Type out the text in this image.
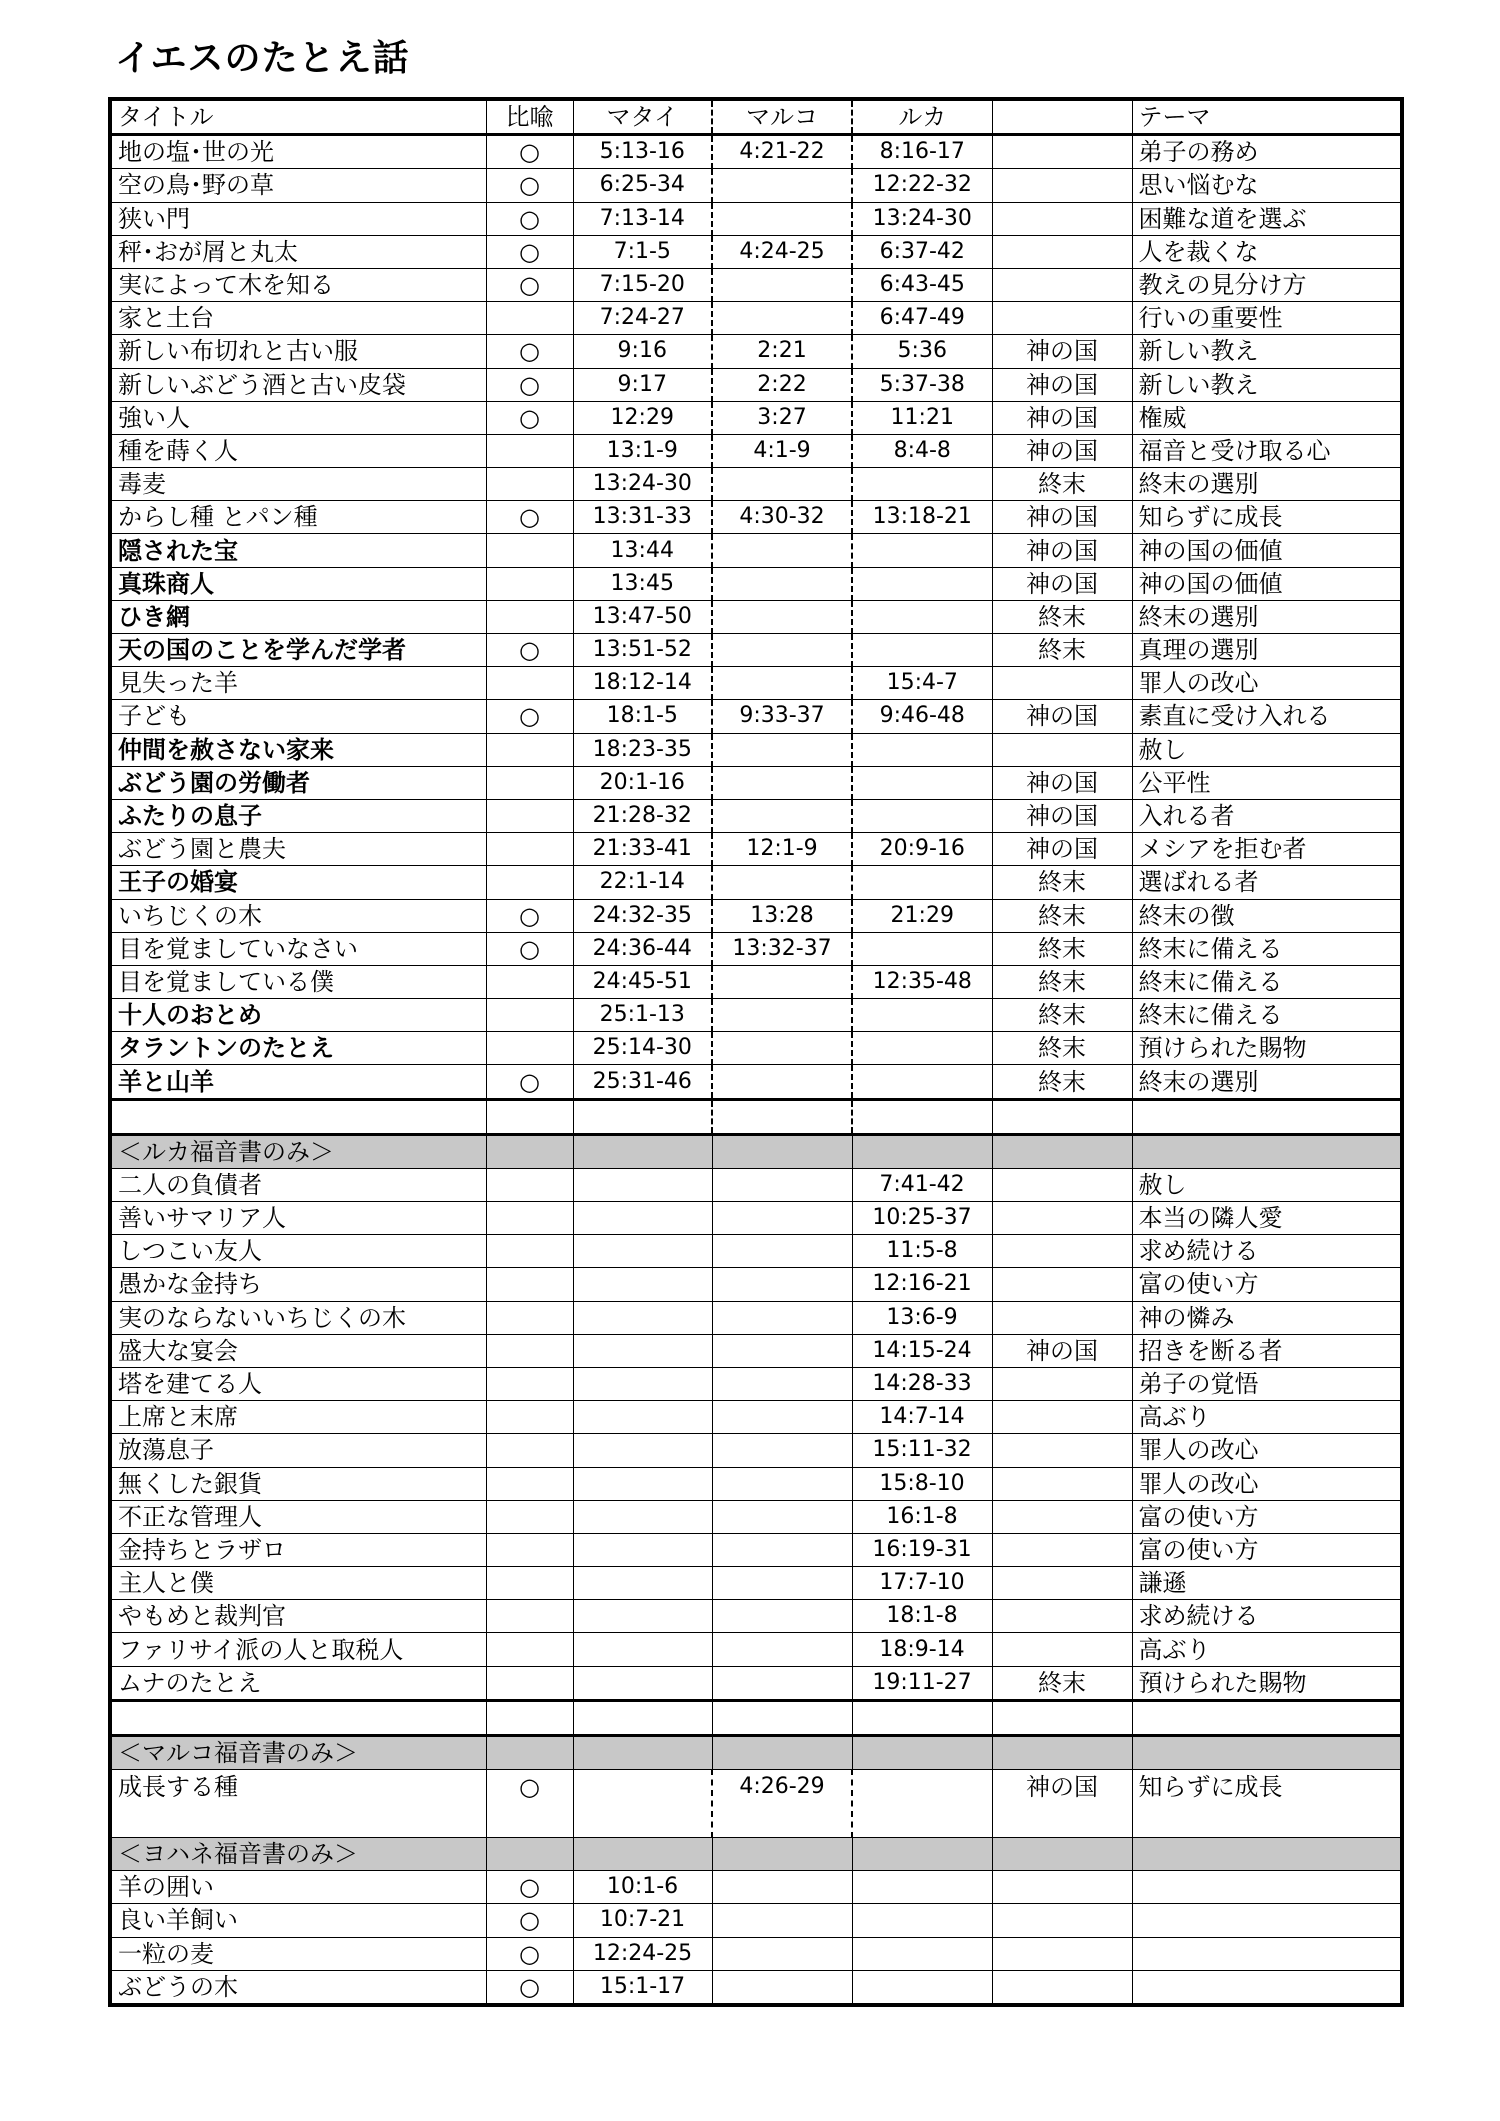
イエスのたとえ話
タイトル	比喩	マタイ	マルコ	ルカ		テーマ
地の塩･世の光	○	5:13-16	4:21-22	8:16-17		弟子の務め
空の鳥･野の草	○	6:25-34		12:22-32		思い悩むな
狭い門	○	7:13-14		13:24-30		困難な道を選ぶ
秤･おが屑と丸太	○	7:1-5	4:24-25	6:37-42		人を裁くな
実によって木を知る	○	7:15-20		6:43-45		教えの見分け方
家と土台		7:24-27		6:47-49		行いの重要性
新しい布切れと古い服	○	9:16	2:21	5:36	神の国	新しい教え
新しいぶどう酒と古い皮袋	○	9:17	2:22	5:37-38	神の国	新しい教え
強い人	○	12:29	3:27	11:21	神の国	権威
種を蒔く人		13:1-9	4:1-9	8:4-8	神の国	福音と受け取る心
毒麦		13:24-30			終末	終末の選別
からし種 とパン種	○	13:31-33	4:30-32	13:18-21	神の国	知らずに成長
隠された宝		13:44			神の国	神の国の価値
真珠商人		13:45			神の国	神の国の価値
ひき網		13:47-50			終末	終末の選別
天の国のことを学んだ学者	○	13:51-52			終末	真理の選別
見失った羊		18:12-14		15:4-7		罪人の改心
子ども	○	18:1-5	9:33-37	9:46-48	神の国	素直に受け入れる
仲間を赦さない家来		18:23-35				赦し
ぶどう園の労働者		20:1-16			神の国	公平性
ふたりの息子		21:28-32			神の国	入れる者
ぶどう園と農夫		21:33-41	12:1-9	20:9-16	神の国	メシアを拒む者
王子の婚宴		22:1-14			終末	選ばれる者
いちじくの木	○	24:32-35	13:28	21:29	終末	終末の徴
目を覚ましていなさい	○	24:36-44	13:32-37		終末	終末に備える
目を覚ましている僕		24:45-51		12:35-48	終末	終末に備える
十人のおとめ		25:1-13			終末	終末に備える
タラントンのたとえ		25:14-30			終末	預けられた賜物
羊と山羊	○	25:31-46			終末	終末の選別

＜ルカ福音書のみ＞						
二人の負債者				7:41-42		赦し
善いサマリア人				10:25-37		本当の隣人愛
しつこい友人				11:5-8		求め続ける
愚かな金持ち				12:16-21		富の使い方
実のならないいちじくの木				13:6-9		神の憐み
盛大な宴会				14:15-24	神の国	招きを断る者
塔を建てる人				14:28-33		弟子の覚悟
上席と末席				14:7-14		高ぶり
放蕩息子				15:11-32		罪人の改心
無くした銀貨				15:8-10		罪人の改心
不正な管理人				16:1-8		富の使い方
金持ちとラザロ				16:19-31		富の使い方
主人と僕				17:7-10		謙遜
やもめと裁判官				18:1-8		求め続ける
ファリサイ派の人と取税人				18:9-14		高ぶり
ムナのたとえ				19:11-27	終末	預けられた賜物

＜マルコ福音書のみ＞						
成長する種	○		4:26-29		神の国	知らずに成長
＜ヨハネ福音書のみ＞						
羊の囲い	○	10:1-6				
良い羊飼い	○	10:7-21				
一粒の麦	○	12:24-25				
ぶどうの木	○	15:1-17				
